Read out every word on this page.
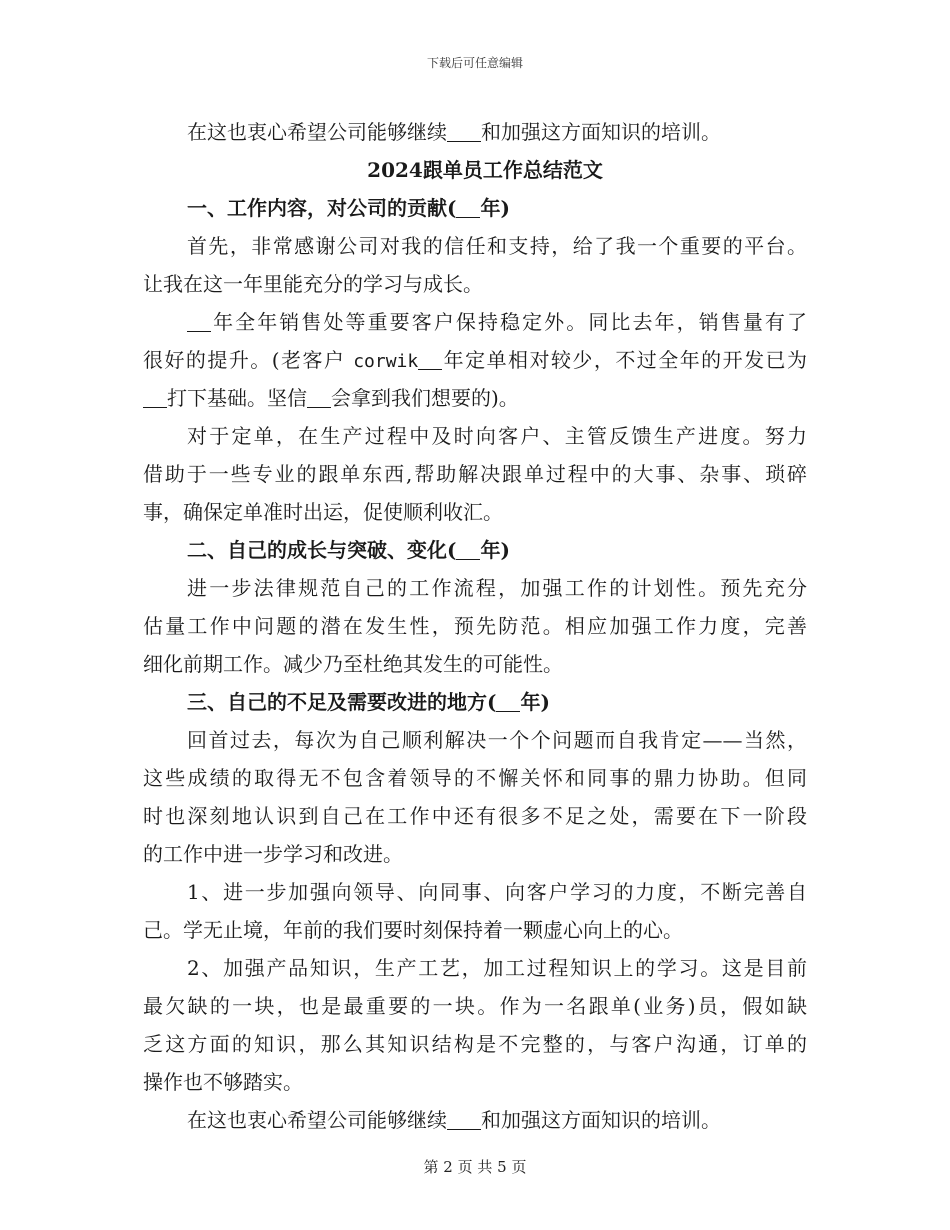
下载后可任意编辑
在这也衷心希望公司能够继续 和加强这方面知识的培训。
2024跟单员工作总结范文
一、工作内容，对公司的贡献( 年)
首先，非常感谢公司对我的信任和支持，给了我一个重要的平台。
让我在这一年里能充分的学习与成长。
年全年销售处等重要客户保持稳定外。同比去年，销售量有了
很好的提升。(老客户 corwik 年定单相对较少，不过全年的开发已为
打下基础。坚信 会拿到我们想要的)。
对于定单，在生产过程中及时向客户、主管反馈生产进度。努力
借助于一些专业的跟单东西,帮助解决跟单过程中的大事、杂事、琐碎
事，确保定单准时出运，促使顺利收汇。
二、自己的成长与突破、变化( 年)
进一步法律规范自己的工作流程，加强工作的计划性。预先充分
估量工作中问题的潜在发生性，预先防范。相应加强工作力度，完善
细化前期工作。减少乃至杜绝其发生的可能性。
三、自己的不足及需要改进的地方( 年)
回首过去，每次为自己顺利解决一个个问题而自我肯定——当然，
这些成绩的取得无不包含着领导的不懈关怀和同事的鼎力协助。但同
时也深刻地认识到自己在工作中还有很多不足之处，需要在下一阶段
的工作中进一步学习和改进。
1、进一步加强向领导、向同事、向客户学习的力度，不断完善自
己。学无止境，年前的我们要时刻保持着一颗虚心向上的心。
2、加强产品知识，生产工艺，加工过程知识上的学习。这是目前
最欠缺的一块，也是最重要的一块。作为一名跟单(业务)员，假如缺
乏这方面的知识，那么其知识结构是不完整的，与客户沟通，订单的
操作也不够踏实。
在这也衷心希望公司能够继续 和加强这方面知识的培训。
第 2 页 共 5 页
